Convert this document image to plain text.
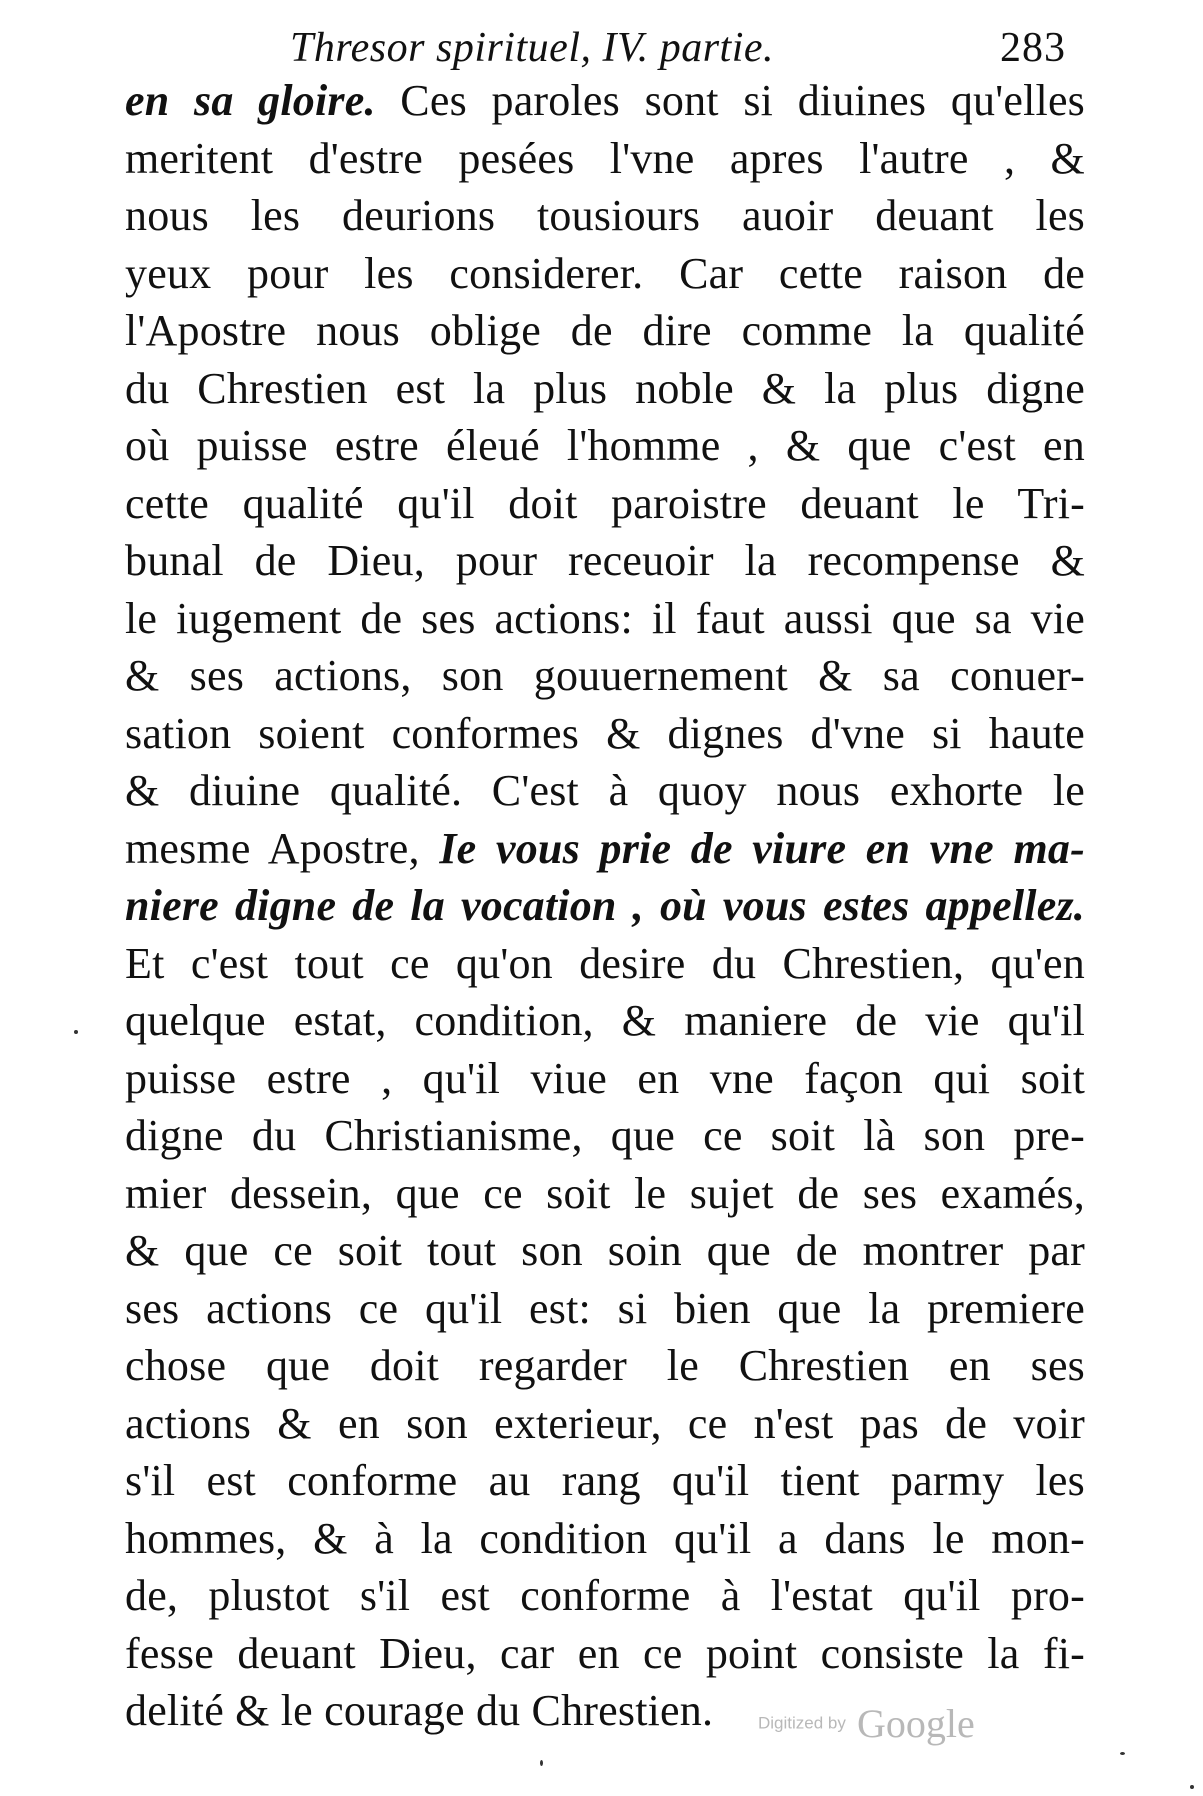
Thresor spirituel, IV. partie.	283
en sa gloire. Ces paroles sont si diuines qu'elles
meritent d'estre pesées l'vne apres l'autre , &
nous les deurions tousiours auoir deuant les
yeux pour les considerer. Car cette raison de
l'Apostre nous oblige de dire comme la qualité
du Chrestien est la plus noble & la plus digne
où puisse estre éleué l'homme , & que c'est en
cette qualité qu'il doit paroistre deuant le Tri-
bunal de Dieu, pour receuoir la recompense &
le iugement de ses actions: il faut aussi que sa vie
& ses actions, son gouuernement & sa conuer-
sation soient conformes & dignes d'vne si haute
& diuine qualité. C'est à quoy nous exhorte le
mesme Apostre, Ie vous prie de viure en vne ma-
niere digne de la vocation , où vous estes appellez.
Et c'est tout ce qu'on desire du Chrestien, qu'en
quelque estat, condition, & maniere de vie qu'il
puisse estre , qu'il viue en vne façon qui soit
digne du Christianisme, que ce soit là son pre-
mier dessein, que ce soit le sujet de ses examés,
& que ce soit tout son soin que de montrer par
ses actions ce qu'il est: si bien que la premiere
chose que doit regarder le Chrestien en ses
actions & en son exterieur, ce n'est pas de voir
s'il est conforme au rang qu'il tient parmy les
hommes, & à la condition qu'il a dans le mon-
de, plustot s'il est conforme à l'estat qu'il pro-
fesse deuant Dieu, car en ce point consiste la fi-
delité & le courage du Chrestien.	Digitized by Google
